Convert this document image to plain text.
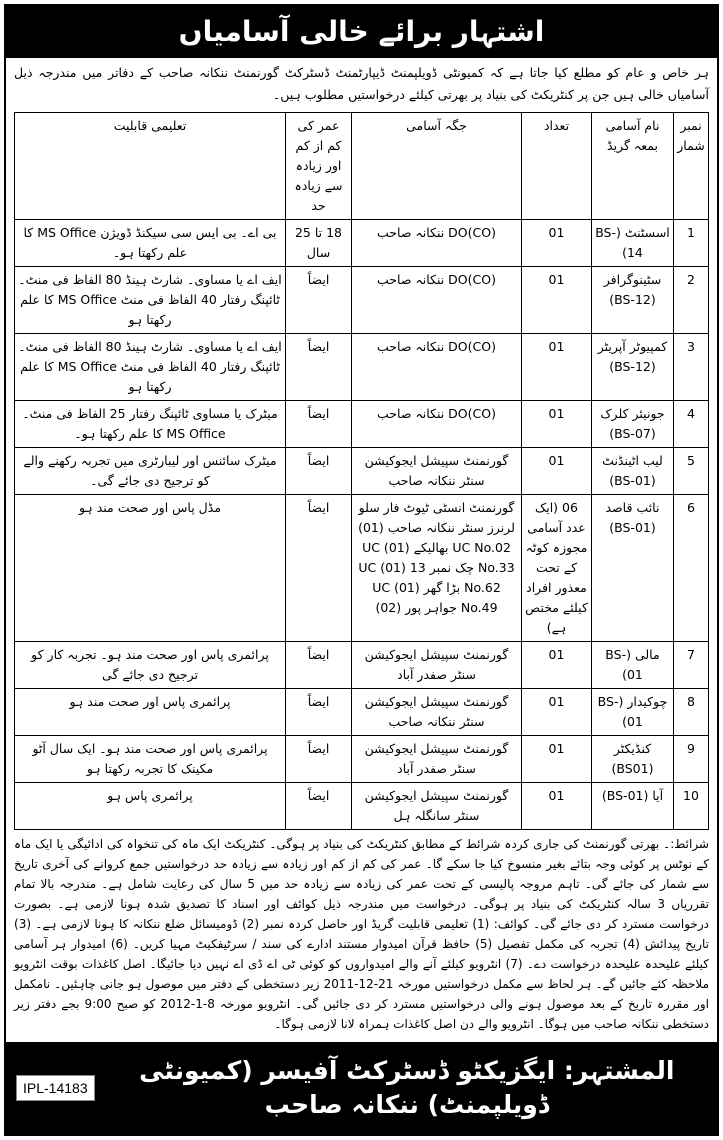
اشتہار برائے خالی آسامیاں

ہر خاص و عام کو مطلع کیا جاتا ہے کہ کمیونٹی ڈویلپمنٹ ڈیپارٹمنٹ ڈسٹرکٹ گورنمنٹ ننکانہ صاحب کے دفاتر میں مندرجہ ذیل آسامیاں خالی ہیں جن پر کنٹریکٹ کی بنیاد پر بھرتی کیلئے درخواستیں مطلوب ہیں۔

نمبر شمار	نام آسامی بمعہ گریڈ	تعداد	جگہ آسامی	عمر کی کم از کم اور زیادہ سے زیادہ حد	تعلیمی قابلیت
1	اسسٹنٹ (BS-14)	01	DO(CO) ننکانہ صاحب	18 تا 25 سال	بی اے۔ بی ایس سی سیکنڈ ڈویژن MS Office کا علم رکھتا ہو۔
2	سٹینوگرافر (BS-12)	01	DO(CO) ننکانہ صاحب	ایضاً	ایف اے یا مساوی۔ شارٹ ہینڈ 80 الفاظ فی منٹ۔ ٹائپنگ رفتار 40 الفاظ فی منٹ MS Office کا علم رکھتا ہو
3	کمپیوٹر آپریٹر (BS-12)	01	DO(CO) ننکانہ صاحب	ایضاً	ایف اے یا مساوی۔ شارٹ ہینڈ 80 الفاظ فی منٹ۔ ٹائپنگ رفتار 40 الفاظ فی منٹ MS Office کا علم رکھتا ہو
4	جونیئر کلرک (BS-07)	01	DO(CO) ننکانہ صاحب	ایضاً	میٹرک یا مساوی ٹائپنگ رفتار 25 الفاظ فی منٹ۔ MS Office کا علم رکھتا ہو۔
5	لیب اٹینڈنٹ (BS-01)	01	گورنمنٹ سپیشل ایجوکیشن سنٹر ننکانہ صاحب	ایضاً	میٹرک سائنس اور لیبارٹری میں تجربہ رکھنے والے کو ترجیح دی جائے گی۔
6	نائب قاصد (BS-01)	06 (ایک عدد آسامی مجوزہ کوٹہ کے تحت معذور افراد کیلئے مختص ہے)	گورنمنٹ انسٹی ٹیوٹ فار سلو لرنرز سنٹر ننکانہ صاحب (01) UC No.02 بھالیکے (01) UC No.33 چک نمبر 13 (01) UC No.62 بڑا گھر (01) UC No.49 جواہر پور (02)	ایضاً	مڈل پاس اور صحت مند ہو
7	مالی (BS-01)	01	گورنمنٹ سپیشل ایجوکیشن سنٹر صفدر آباد	ایضاً	پرائمری پاس اور صحت مند ہو۔ تجربہ کار کو ترجیح دی جائے گی
8	چوکیدار (BS-01)	01	گورنمنٹ سپیشل ایجوکیشن سنٹر ننکانہ صاحب	ایضاً	پرائمری پاس اور صحت مند ہو
9	کنڈیکٹر (BS01)	01	گورنمنٹ سپیشل ایجوکیشن سنٹر صفدر آباد	ایضاً	پرائمری پاس اور صحت مند ہو۔ ایک سال آٹو مکینک کا تجربہ رکھتا ہو
10	آیا (BS-01)	01	گورنمنٹ سپیشل ایجوکیشن سنٹر سانگلہ ہل	ایضاً	پرائمری پاس ہو

شرائط:۔ بھرتی گورنمنٹ کی جاری کردہ شرائط کے مطابق کنٹریکٹ کی بنیاد پر ہوگی۔ کنٹریکٹ ایک ماہ کی تنخواہ کی ادائیگی یا ایک ماہ کے نوٹس پر کوئی وجہ بتائے بغیر منسوخ کیا جا سکے گا۔ عمر کی کم از کم اور زیادہ سے زیادہ حد درخواستیں جمع کروانے کی آخری تاریخ سے شمار کی جائے گی۔ تاہم مروجہ پالیسی کے تحت عمر کی زیادہ سے زیادہ حد میں 5 سال کی رعایت شامل ہے۔ مندرجہ بالا تمام تقرریاں 3 سالہ کنٹریکٹ کی بنیاد پر ہوگی۔ درخواست میں مندرجہ ذیل کوائف اور اسناد کا تصدیق شدہ ہونا لازمی ہے۔ بصورت درخواست مسترد کر دی جائے گی۔ کوائف: (1) تعلیمی قابلیت گریڈ اور حاصل کردہ نمبر (2) ڈومیسائل ضلع ننکانہ کا ہونا لازمی ہے۔ (3) تاریخ پیدائش (4) تجربہ کی مکمل تفصیل (5) حافظ قرآن امیدوار مستند ادارے کی سند / سرٹیفکیٹ مہیا کریں۔ (6) امیدوار ہر آسامی کیلئے علیحدہ علیحدہ درخواست دے۔ (7) انٹرویو کیلئے آنے والے امیدواروں کو کوئی ٹی اے ڈی اے نہیں دیا جائیگا۔ اصل کاغذات بوقت انٹرویو ملاحظہ کئے جائیں گے۔ ہر لحاظ سے مکمل درخواستیں مورخہ 21-12-2011 زیر دستخطی کے دفتر میں موصول ہو جانی چاہئیں۔ نامکمل اور مقررہ تاریخ کے بعد موصول ہونے والی درخواستیں مسترد کر دی جائیں گی۔ انٹرویو مورخہ 8-1-2012 کو صبح 9:00 بجے دفتر زیر دستخطی ننکانہ صاحب میں ہوگا۔ انٹرویو والے دن اصل کاغذات ہمراہ لانا لازمی ہوگا۔

IPL-14183
المشتہر: ایگزیکٹو ڈسٹرکٹ آفیسر (کمیونٹی ڈویلپمنٹ) ننکانہ صاحب
